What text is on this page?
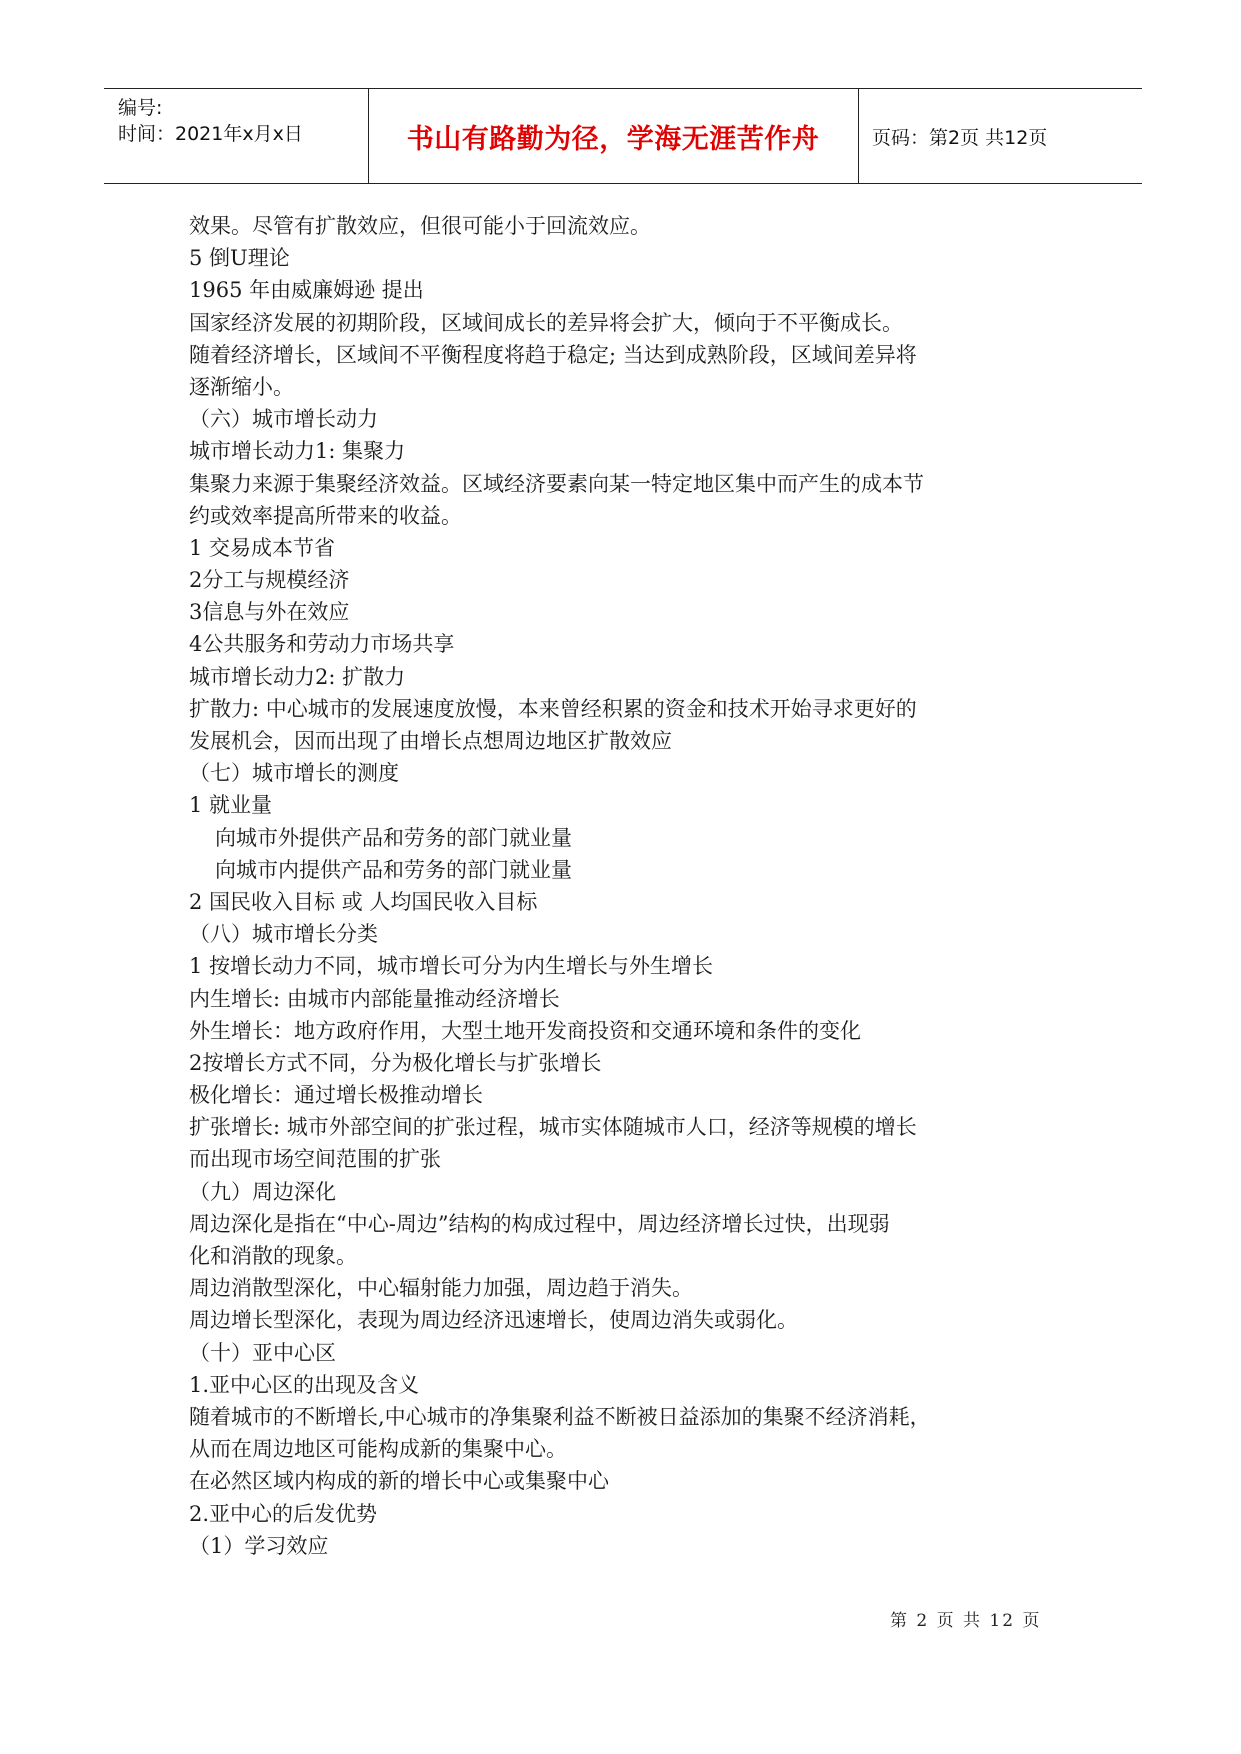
编号:
时间：2021年x月x日	书山有路勤为径，学海无涯苦作舟	页码：第2页 共12页
效果。尽管有扩散效应，但很可能小于回流效应。
5 倒U理论
1965 年由威廉姆逊 提出
国家经济发展的初期阶段，区域间成长的差异将会扩大，倾向于不平衡成长。
随着经济增长，区域间不平衡程度将趋于稳定; 当达到成熟阶段，区域间差异将
逐渐缩小。
（六）城市增长动力
城市增长动力1: 集聚力
集聚力来源于集聚经济效益。区域经济要素向某一特定地区集中而产生的成本节
约或效率提高所带来的收益。
1 交易成本节省
2分工与规模经济
3信息与外在效应
4公共服务和劳动力市场共享
城市增长动力2: 扩散力
扩散力: 中心城市的发展速度放慢，本来曾经积累的资金和技术开始寻求更好的
发展机会，因而出现了由增长点想周边地区扩散效应
（七）城市增长的测度
1 就业量
向城市外提供产品和劳务的部门就业量
向城市内提供产品和劳务的部门就业量
2 国民收入目标 或 人均国民收入目标
（八）城市增长分类
1 按增长动力不同，城市增长可分为内生增长与外生增长
内生增长: 由城市内部能量推动经济增长
外生增长：地方政府作用，大型土地开发商投资和交通环境和条件的变化
2按增长方式不同，分为极化增长与扩张增长
极化增长：通过增长极推动增长
扩张增长: 城市外部空间的扩张过程，城市实体随城市人口，经济等规模的增长
而出现市场空间范围的扩张
（九）周边深化
周边深化是指在“中心-周边”结构的构成过程中，周边经济增长过快，出现弱
化和消散的现象。
周边消散型深化，中心辐射能力加强，周边趋于消失。
周边增长型深化，表现为周边经济迅速增长，使周边消失或弱化。
（十）亚中心区
1.亚中心区的出现及含义
随着城市的不断增长,中心城市的净集聚利益不断被日益添加的集聚不经济消耗，
从而在周边地区可能构成新的集聚中心。
在必然区域内构成的新的增长中心或集聚中心
2.亚中心的后发优势
（1）学习效应
第 2 页 共 12 页
